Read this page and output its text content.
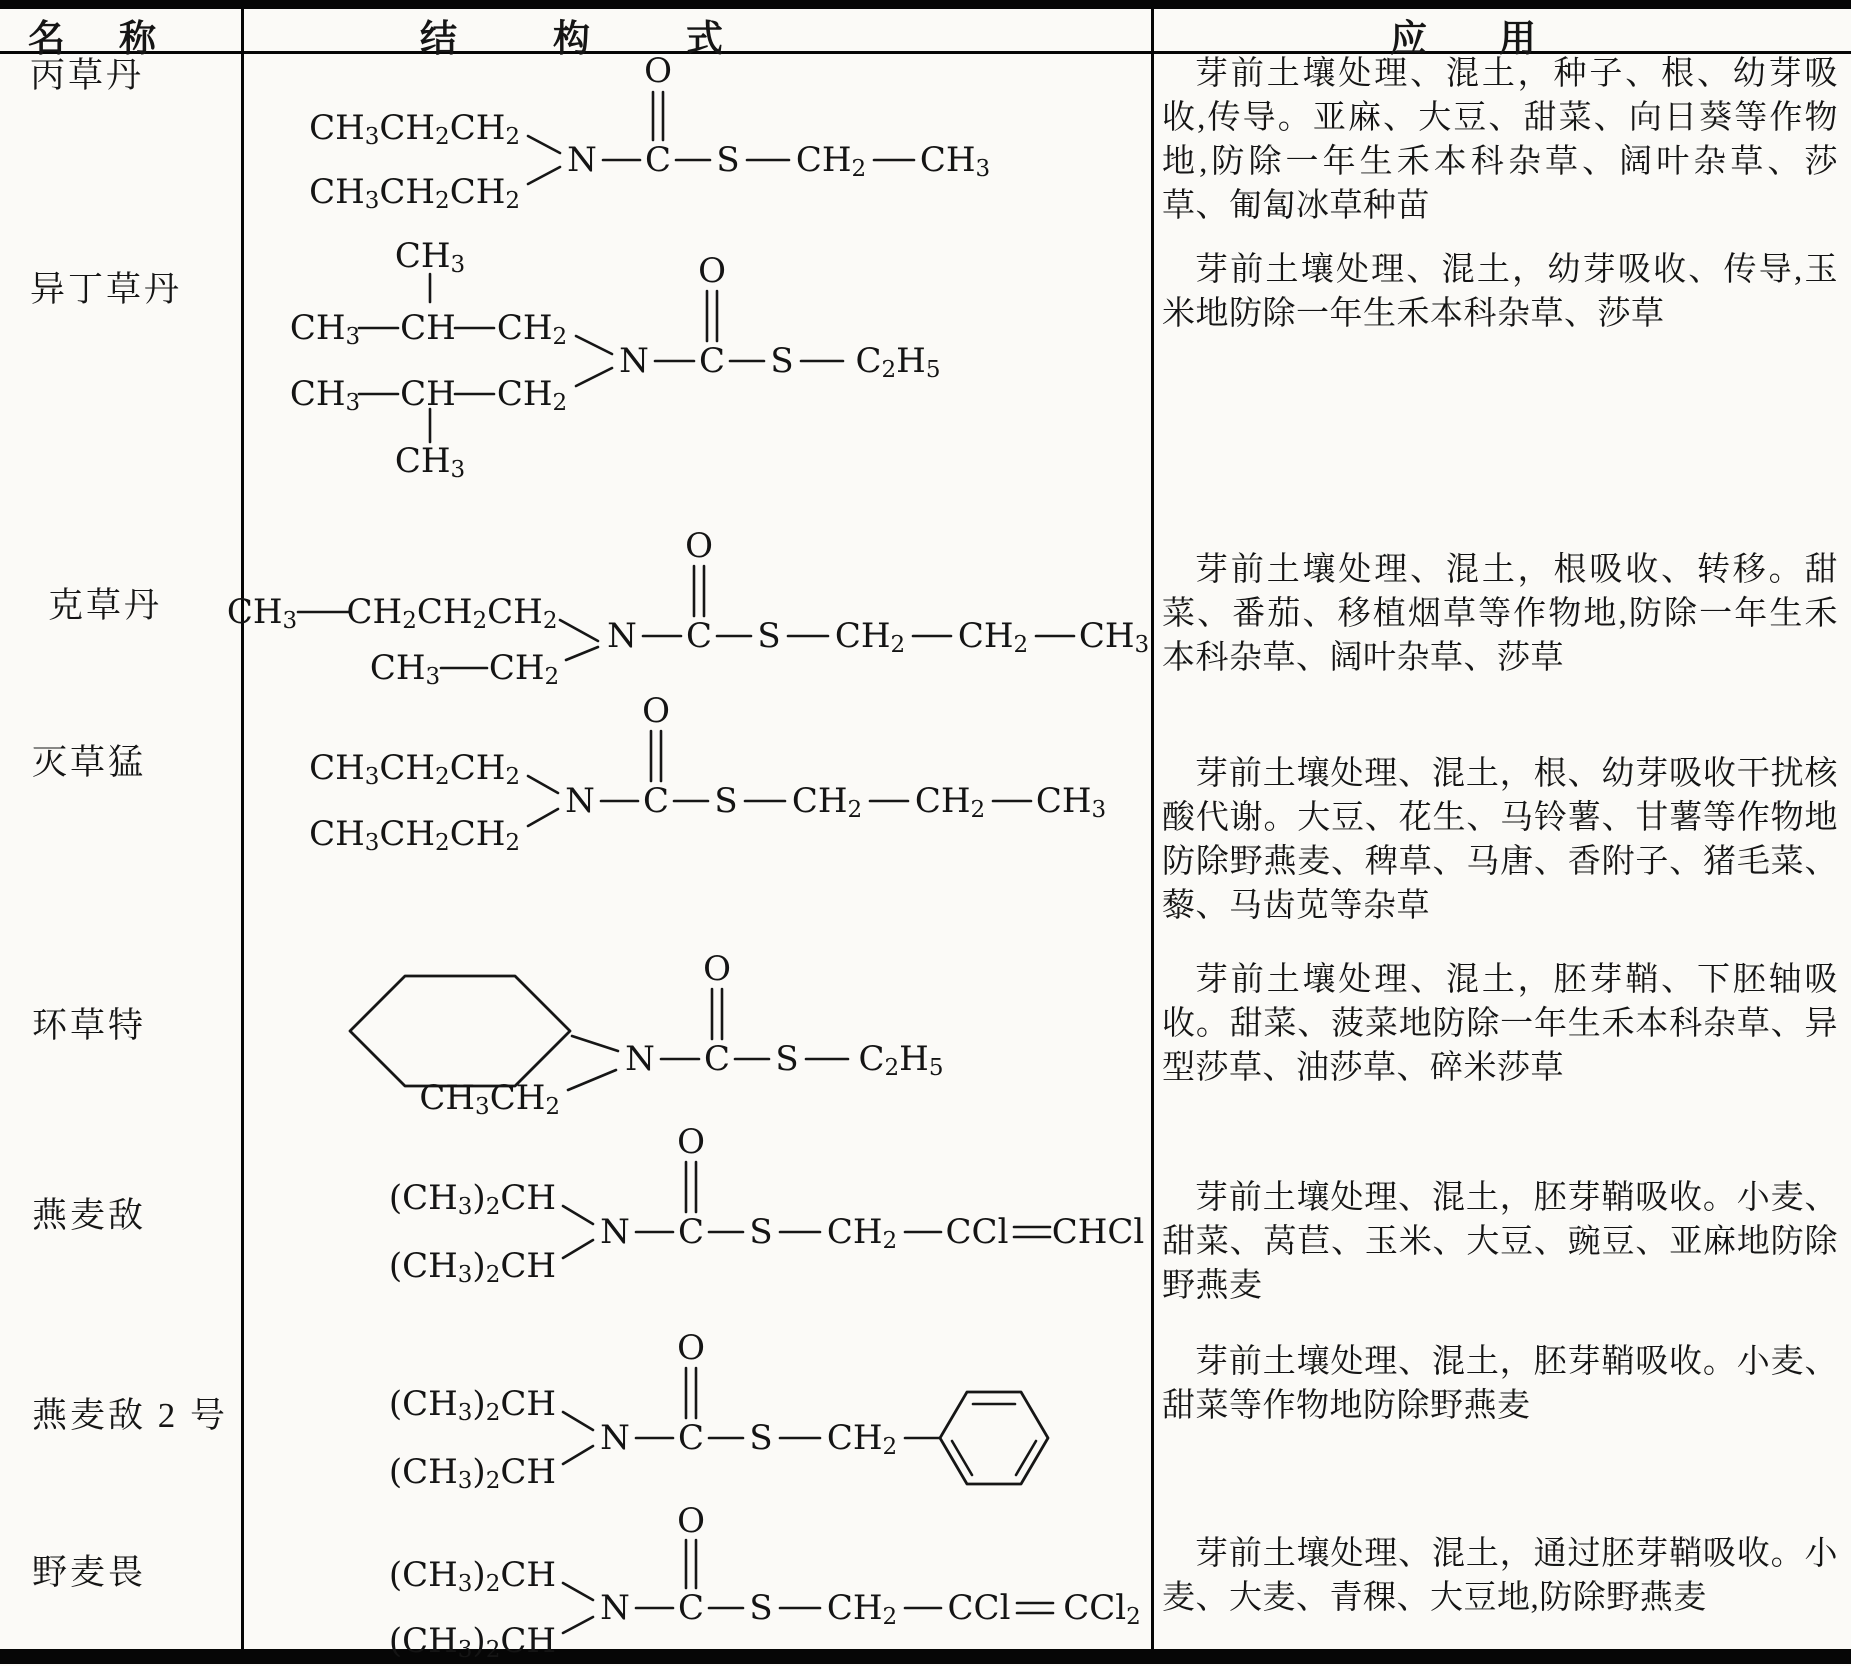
名称	结构式	应用
丙草丹
异丁草丹
克草丹
灭草猛
环草特
燕麦敌
燕麦敌 2 号
野麦畏
芽前土壤处理、混土，种子、根、幼芽吸收,传导。亚麻、大豆、甜菜、向日葵等作物地,防除一年生禾本科杂草、阔叶杂草、莎草、匍匐冰草种苗
芽前土壤处理、混土，幼芽吸收、传导,玉米地防除一年生禾本科杂草、莎草
芽前土壤处理、混土，根吸收、转移。甜菜、番茄、移植烟草等作物地,防除一年生禾本科杂草、阔叶杂草、莎草
芽前土壤处理、混土，根、幼芽吸收干扰核酸代谢。大豆、花生、马铃薯、甘薯等作物地防除野燕麦、稗草、马唐、香附子、猪毛菜、藜、马齿苋等杂草
芽前土壤处理、混土，胚芽鞘、下胚轴吸收。甜菜、菠菜地防除一年生禾本科杂草、异型莎草、油莎草、碎米莎草
芽前土壤处理、混土，胚芽鞘吸收。小麦、甜菜、莴苣、玉米、大豆、豌豆、亚麻地防除野燕麦
芽前土壤处理、混土，胚芽鞘吸收。小麦、甜菜等作物地防除野燕麦
芽前土壤处理、混土，通过胚芽鞘吸收。小麦、大麦、青稞、大豆地,防除野燕麦
$CH_3CH_2CH_2$
$CH_3CH_2CH_2$
N C
O
S $CH_2$ $CH_3$
$CH_3$
$CH_3$ CH $CH_2$
$CH_3$ CH $CH_2$
$CH_3$
N C
O
S $C_2H_5$
$CH_3$ $CH_2CH_2CH_2$
$CH_3$ $CH_2$
N C
O
S $CH_2$ $CH_2$ $CH_3$
$CH_3CH_2CH_2$
$CH_3CH_2CH_2$
N C
O
S $CH_2$ $CH_2$ $CH_3$
$CH_3CH_2$
N C
O
S $C_2H_5$
$(CH_3)_2CH$
$(CH_3)_2CH$
N C
O
S $CH_2$ CCl CHCl
$(CH_3)_2CH$
$(CH_3)_2CH$
N C
O
S $CH_2$
$(CH_3)_2CH$
$(CH_3)_2CH$
N C
O
S $CH_2$ CCl CCl$_2$
